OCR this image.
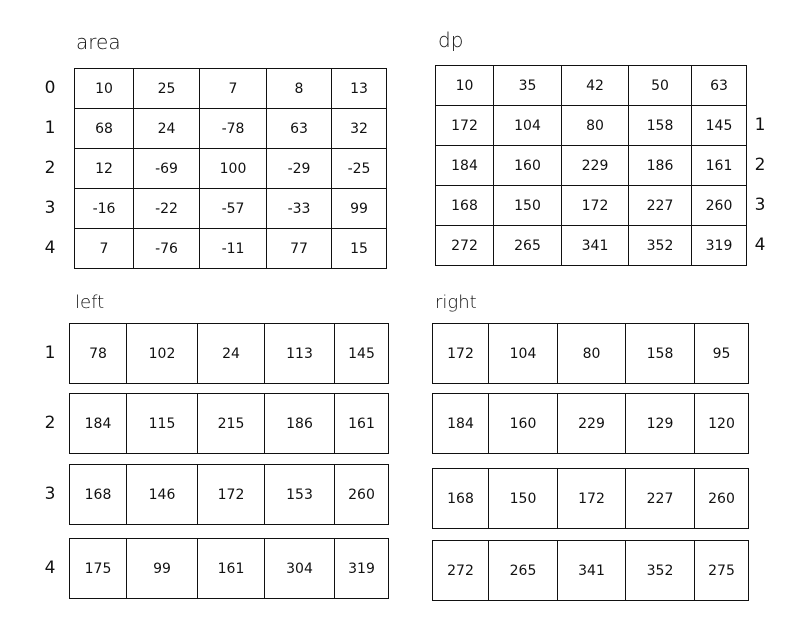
area	dp
left	right
10	25	7	8	13
68	24	-78	63	32
12	-69	100	-29	-25
-16	-22	-57	-33	99
7	-76	-11	77	15
0
1
2
3
4
10	35	42	50	63
172	104	80	158	145
184	160	229	186	161
168	150	172	227	260
272	265	341	352	319
1
2
3
4
78	102	24	113	145
1
184	115	215	186	161
2
168	146	172	153	260
3
175	99	161	304	319
4
172	104	80	158	95
184	160	229	129	120
168	150	172	227	260
272	265	341	352	275
